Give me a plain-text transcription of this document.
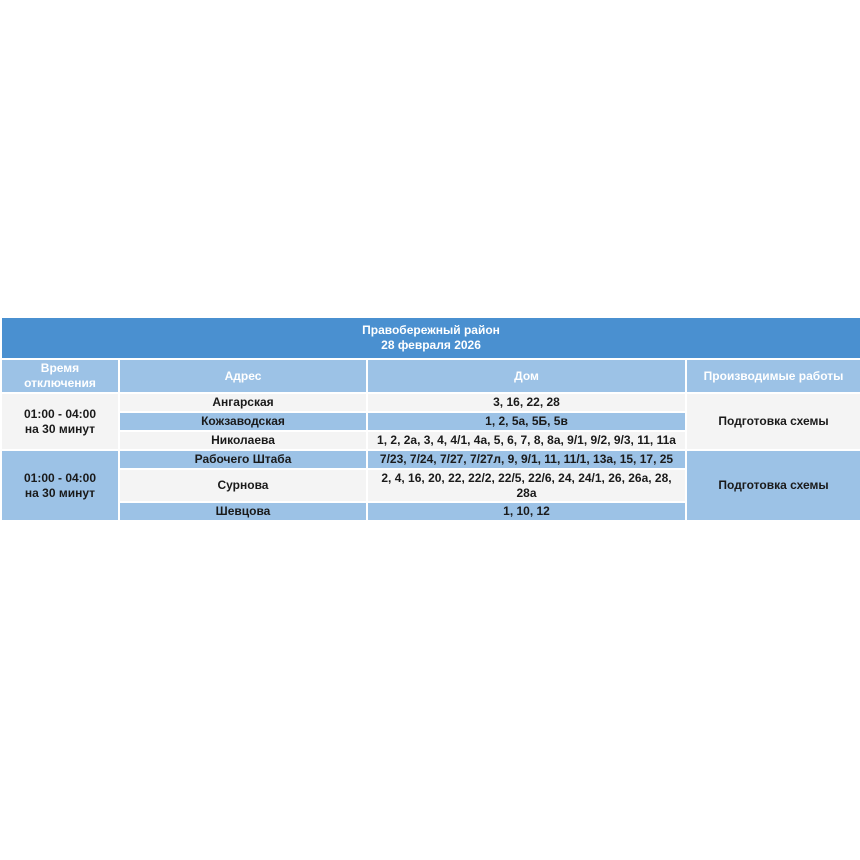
Правобережный район
28 февраля 2026			

Время отключения	Адрес	Дом	Производимые работы

01:00 - 04:00
на 30 минут	Ангарская	3, 16, 22, 28	Подготовка схемы
	Кожзаводская	1, 2, 5а, 5Б, 5в	
	Николаева	1, 2, 2а, 3, 4, 4/1, 4а, 5, 6, 7, 8, 8а, 9/1, 9/2, 9/3, 11, 11а	

01:00 - 04:00
на 30 минут	Рабочего Штаба	7/23, 7/24, 7/27, 7/27л, 9, 9/1, 11, 11/1, 13а, 15, 17, 25	Подготовка схемы
	Сурнова	2, 4, 16, 20, 22, 22/2, 22/5, 22/6, 24, 24/1, 26, 26а, 28, 28а	
	Шевцова	1, 10, 12	
